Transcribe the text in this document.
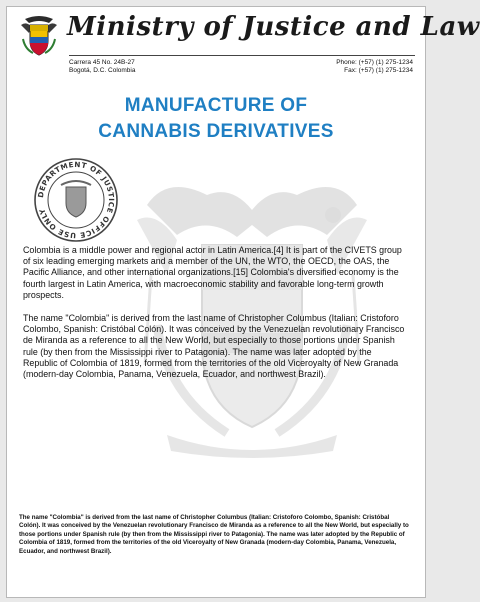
Ministry of Justice and Law
Carrera 45 No. 24B-27
Bogotá, D.C. Colombia
Phone: (+57) (1) 275-1234
Fax: (+57) (1) 275-1234
MANUFACTURE OF
CANNABIS DERIVATIVES
DEPARTMENT OF JUSTICE OFFICE USE ONLY
Colombia is a middle power and regional actor in Latin America.[4] It is part of the CIVETS group of six leading emerging markets and a member of the UN, the WTO, the OECD, the OAS, the Pacific Alliance, and other international organizations.[15] Colombia's diversified economy is the fourth largest in Latin America, with macroeconomic stability and favorable long-term growth prospects.
The name "Colombia" is derived from the last name of Christopher Columbus (Italian: Cristoforo Colombo, Spanish: Cristóbal Colón). It was conceived by the Venezuelan revolutionary Francisco de Miranda as a reference to all the New World, but especially to those portions under Spanish rule (by then from the Mississippi river to Patagonia). The name was later adopted by the Republic of Colombia of 1819, formed from the territories of the old Viceroyalty of New Granada (modern-day Colombia, Panama, Venezuela, Ecuador, and northwest Brazil).
The name "Colombia" is derived from the last name of Christopher Columbus (Italian: Cristoforo Colombo, Spanish: Cristóbal Colón). It was conceived by the Venezuelan revolutionary Francisco de Miranda as a reference to all the New World, but especially to those portions under Spanish rule (by then from the Mississippi river to Patagonia). The name was later adopted by the Republic of Colombia of 1819, formed from the territories of the old Viceroyalty of New Granada (modern-day Colombia, Panama, Venezuela, Ecuador, and northwest Brazil).
